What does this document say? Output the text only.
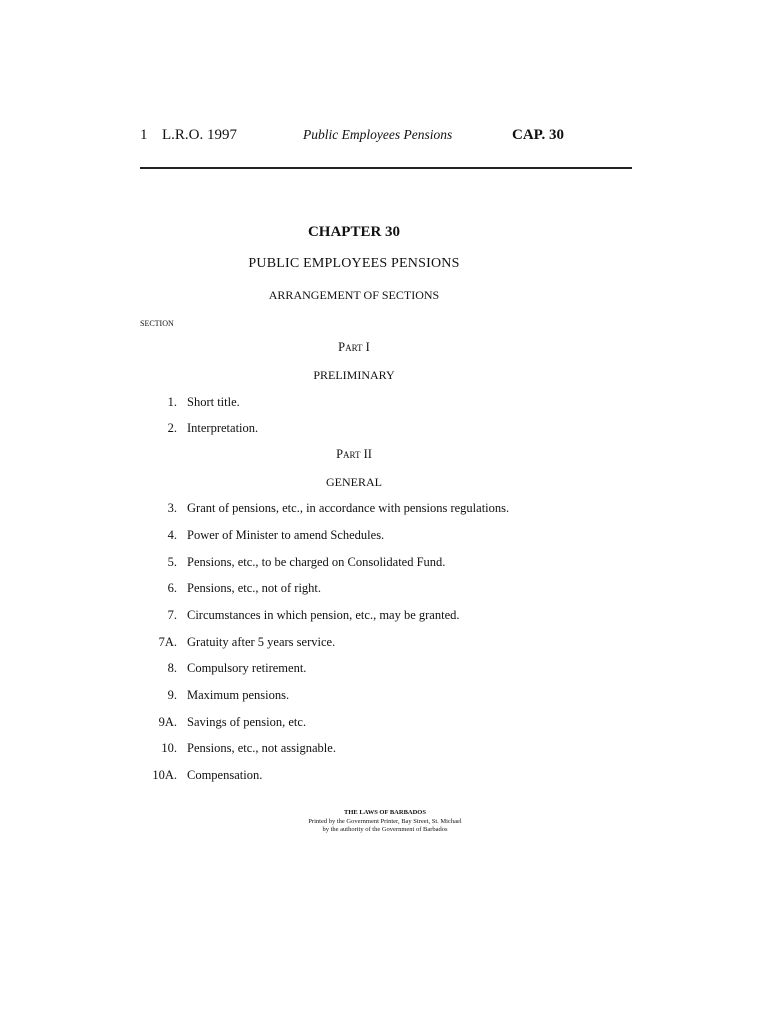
1 L.R.O. 1997	Public Employees Pensions	CAP. 30
CHAPTER 30
PUBLIC EMPLOYEES PENSIONS
ARRANGEMENT OF SECTIONS
SECTION
Part I
PRELIMINARY
1. Short title.
2. Interpretation.
Part II
GENERAL
3. Grant of pensions, etc., in accordance with pensions regulations.
4. Power of Minister to amend Schedules.
5. Pensions, etc., to be charged on Consolidated Fund.
6. Pensions, etc., not of right.
7. Circumstances in which pension, etc., may be granted.
7A. Gratuity after 5 years service.
8. Compulsory retirement.
9. Maximum pensions.
9A. Savings of pension, etc.
10. Pensions, etc., not assignable.
10A. Compensation.
THE LAWS OF BARBADOS
Printed by the Government Printer, Bay Street, St. Michael
by the authority of the Government of Barbados
